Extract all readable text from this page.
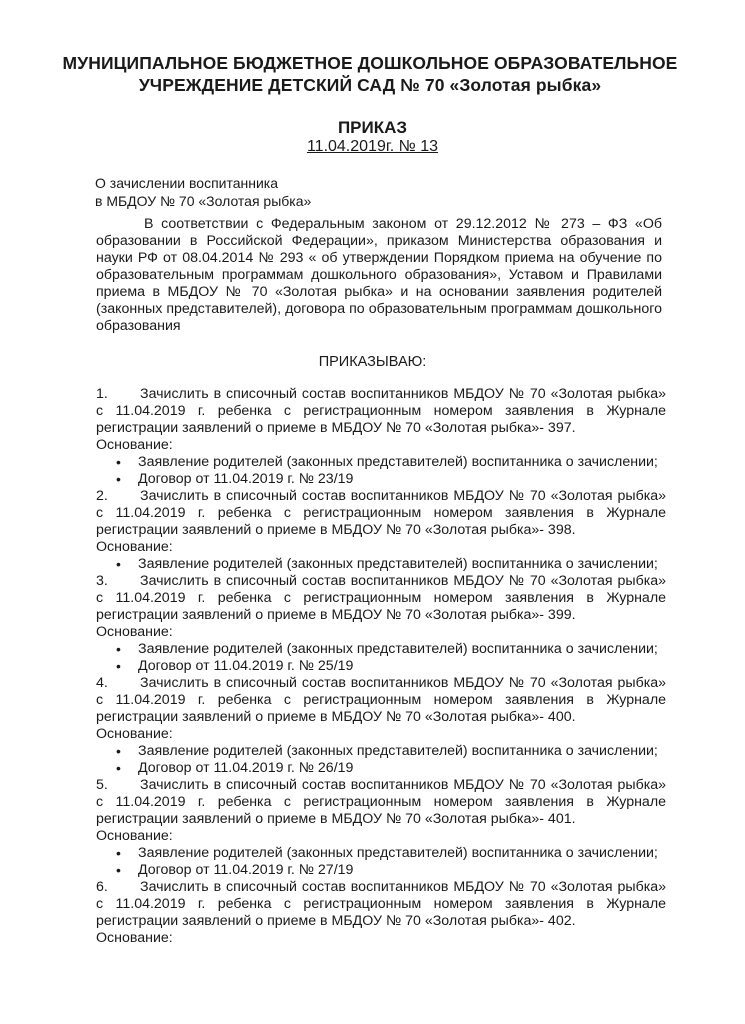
МУНИЦИПАЛЬНОЕ БЮДЖЕТНОЕ ДОШКОЛЬНОЕ ОБРАЗОВАТЕЛЬНОЕ
УЧРЕЖДЕНИЕ ДЕТСКИЙ САД № 70 «Золотая рыбка»
ПРИКАЗ
11.04.2019г. № 13
О зачислении воспитанника
в МБДОУ № 70 «Золотая рыбка»

В соответствии с Федеральным законом от 29.12.2012 № 273 – ФЗ «Об образовании в Российской Федерации», приказом Министерства образования и науки РФ от 08.04.2014 № 293 « об утверждении Порядком приема на обучение по образовательным программам дошкольного образования», Уставом и Правилами приема в МБДОУ № 70 «Золотая рыбка» и на основании заявления родителей (законных представителей), договора по образовательным программам дошкольного образования

ПРИКАЗЫВАЮ:

1. Зачислить в списочный состав воспитанников МБДОУ № 70 «Золотая рыбка» с 11.04.2019 г. ребенка с регистрационным номером заявления в Журнале регистрации заявлений о приеме в МБДОУ № 70 «Золотая рыбка»- 397.

Основание:

• Заявление родителей (законных представителей) воспитанника о зачислении;
• Договор от 11.04.2019 г. № 23/19

2. Зачислить в списочный состав воспитанников МБДОУ № 70 «Золотая рыбка» с 11.04.2019 г. ребенка с регистрационным номером заявления в Журнале регистрации заявлений о приеме в МБДОУ № 70 «Золотая рыбка»- 398.

Основание:

• Заявление родителей (законных представителей) воспитанника о зачислении;

3. Зачислить в списочный состав воспитанников МБДОУ № 70 «Золотая рыбка» с 11.04.2019 г. ребенка с регистрационным номером заявления в Журнале регистрации заявлений о приеме в МБДОУ № 70 «Золотая рыбка»- 399.

Основание:

• Заявление родителей (законных представителей) воспитанника о зачислении;
• Договор от 11.04.2019 г. № 25/19

4. Зачислить в списочный состав воспитанников МБДОУ № 70 «Золотая рыбка» с 11.04.2019 г. ребенка с регистрационным номером заявления в Журнале регистрации заявлений о приеме в МБДОУ № 70 «Золотая рыбка»- 400.

Основание:

• Заявление родителей (законных представителей) воспитанника о зачислении;
• Договор от 11.04.2019 г. № 26/19

5. Зачислить в списочный состав воспитанников МБДОУ № 70 «Золотая рыбка» с 11.04.2019 г. ребенка с регистрационным номером заявления в Журнале регистрации заявлений о приеме в МБДОУ № 70 «Золотая рыбка»- 401.

Основание:

• Заявление родителей (законных представителей) воспитанника о зачислении;
• Договор от 11.04.2019 г. № 27/19

6. Зачислить в списочный состав воспитанников МБДОУ № 70 «Золотая рыбка» с 11.04.2019 г. ребенка с регистрационным номером заявления в Журнале регистрации заявлений о приеме в МБДОУ № 70 «Золотая рыбка»- 402.

Основание:
